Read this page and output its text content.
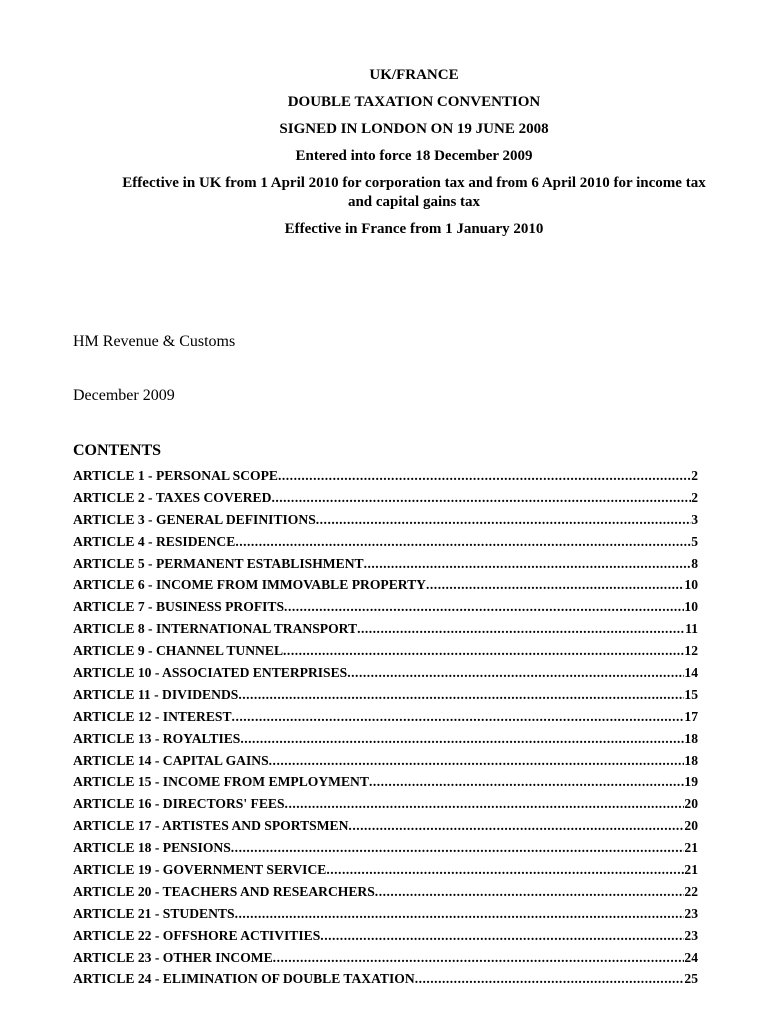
UK/FRANCE
DOUBLE TAXATION CONVENTION
SIGNED IN LONDON ON 19 JUNE 2008
Entered into force 18 December 2009
Effective in UK from 1 April 2010 for corporation tax and from 6 April 2010 for income tax and capital gains tax
Effective in France from 1 January 2010
HM Revenue & Customs
December 2009
CONTENTS
ARTICLE 1 - PERSONAL SCOPE .....	2
ARTICLE 2 - TAXES COVERED .....	2
ARTICLE 3 - GENERAL DEFINITIONS .....	3
ARTICLE 4 - RESIDENCE .....	5
ARTICLE 5 - PERMANENT ESTABLISHMENT .....	8
ARTICLE 6 - INCOME FROM IMMOVABLE PROPERTY .....	10
ARTICLE 7 - BUSINESS PROFITS .....	10
ARTICLE 8 - INTERNATIONAL TRANSPORT .....	11
ARTICLE 9 - CHANNEL TUNNEL .....	12
ARTICLE 10 - ASSOCIATED ENTERPRISES .....	14
ARTICLE 11 - DIVIDENDS .....	15
ARTICLE 12 - INTEREST .....	17
ARTICLE 13 - ROYALTIES .....	18
ARTICLE 14 - CAPITAL GAINS .....	18
ARTICLE 15 - INCOME FROM EMPLOYMENT .....	19
ARTICLE 16 - DIRECTORS' FEES .....	20
ARTICLE 17 - ARTISTES AND SPORTSMEN .....	20
ARTICLE 18 - PENSIONS .....	21
ARTICLE 19 - GOVERNMENT SERVICE .....	21
ARTICLE 20 - TEACHERS AND RESEARCHERS .....	22
ARTICLE 21 - STUDENTS .....	23
ARTICLE 22 - OFFSHORE ACTIVITIES .....	23
ARTICLE 23 - OTHER INCOME .....	24
ARTICLE 24 - ELIMINATION OF DOUBLE TAXATION .....	25
